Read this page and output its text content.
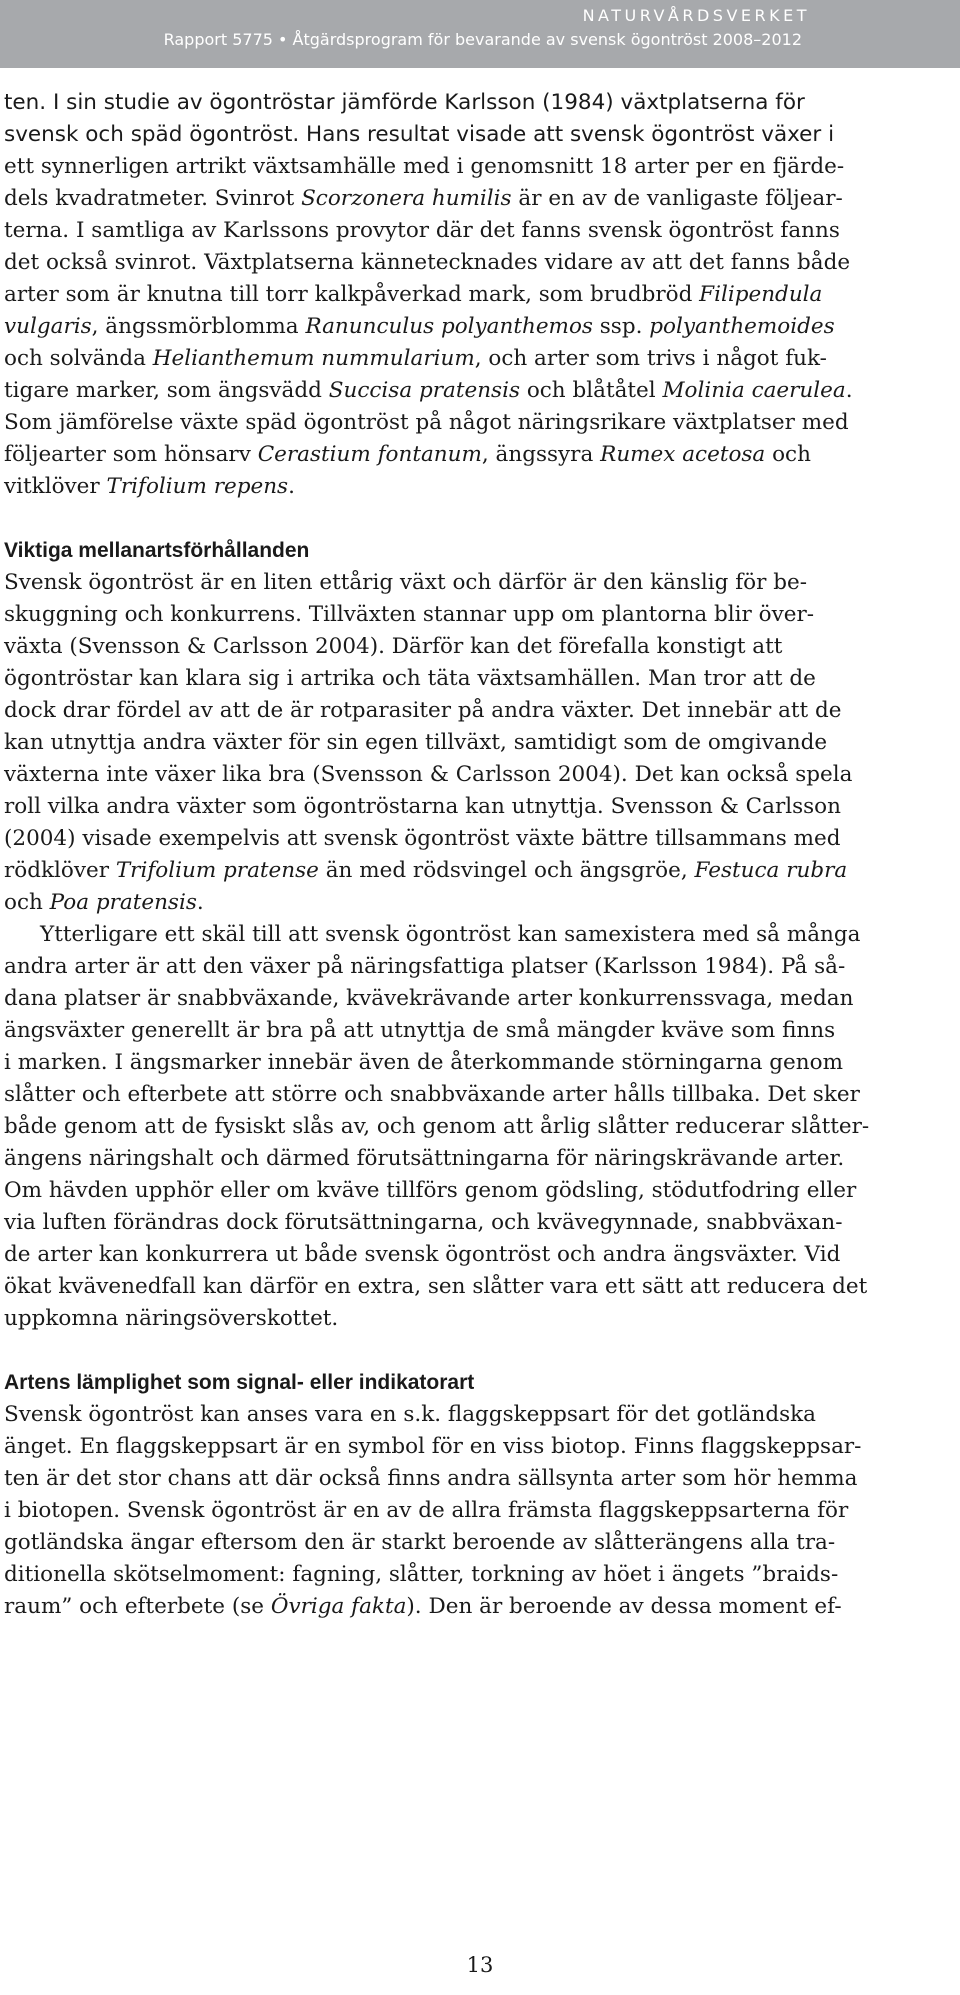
NATURVÅRDSVERKET
Rapport 5775 • Åtgärdsprogram för bevarande av svensk ögontröst 2008–2012
ten. I sin studie av ögontröstar jämförde Karlsson (1984) växtplatserna för
svensk och späd ögontröst. Hans resultat visade att svensk ögontröst växer i
ett synnerligen artrikt växtsamhälle med i genomsnitt 18 arter per en fjärde-
dels kvadratmeter. Svinrot Scorzonera humilis är en av de vanligaste följear-
terna. I samtliga av Karlssons provytor där det fanns svensk ögontröst fanns
det också svinrot. Växtplatserna kännetecknades vidare av att det fanns både
arter som är knutna till torr kalkpåverkad mark, som brudbröd Filipendula
vulgaris, ängssmörblomma Ranunculus polyanthemos ssp. polyanthemoides
och solvända Helianthemum nummularium, och arter som trivs i något fuk-
tigare marker, som ängsvädd Succisa pratensis och blåtåtel Molinia caerulea.
Som jämförelse växte späd ögontröst på något näringsrikare växtplatser med
följearter som hönsarv Cerastium fontanum, ängssyra Rumex acetosa och
vitklöver Trifolium repens.
Viktiga mellanartsförhållanden
Svensk ögontröst är en liten ettårig växt och därför är den känslig för be-
skuggning och konkurrens. Tillväxten stannar upp om plantorna blir över-
växta (Svensson & Carlsson 2004). Därför kan det förefalla konstigt att
ögontröstar kan klara sig i artrika och täta växtsamhällen. Man tror att de
dock drar fördel av att de är rotparasiter på andra växter. Det innebär att de
kan utnyttja andra växter för sin egen tillväxt, samtidigt som de omgivande
växterna inte växer lika bra (Svensson & Carlsson 2004). Det kan också spela
roll vilka andra växter som ögontröstarna kan utnyttja. Svensson & Carlsson
(2004) visade exempelvis att svensk ögontröst växte bättre tillsammans med
rödklöver Trifolium pratense än med rödsvingel och ängsgröe, Festuca rubra
och Poa pratensis.
Ytterligare ett skäl till att svensk ögontröst kan samexistera med så många
andra arter är att den växer på näringsfattiga platser (Karlsson 1984). På så-
dana platser är snabbväxande, kvävekrävande arter konkurrenssvaga, medan
ängsväxter generellt är bra på att utnyttja de små mängder kväve som finns
i marken. I ängsmarker innebär även de återkommande störningarna genom
slåtter och efterbete att större och snabbväxande arter hålls tillbaka. Det sker
både genom att de fysiskt slås av, och genom att årlig slåtter reducerar slåtter-
ängens näringshalt och därmed förutsättningarna för näringskrävande arter.
Om hävden upphör eller om kväve tillförs genom gödsling, stödutfodring eller
via luften förändras dock förutsättningarna, och kvävegynnade, snabbväxan-
de arter kan konkurrera ut både svensk ögontröst och andra ängsväxter. Vid
ökat kvävenedfall kan därför en extra, sen slåtter vara ett sätt att reducera det
uppkomna näringsöverskottet.
Artens lämplighet som signal- eller indikatorart
Svensk ögontröst kan anses vara en s.k. flaggskeppsart för det gotländska
änget. En flaggskeppsart är en symbol för en viss biotop. Finns flaggskeppsar-
ten är det stor chans att där också finns andra sällsynta arter som hör hemma
i biotopen. Svensk ögontröst är en av de allra främsta flaggskeppsarterna för
gotländska ängar eftersom den är starkt beroende av slåtterängens alla tra-
ditionella skötselmoment: fagning, slåtter, torkning av höet i ängets ”braids-
raum” och efterbete (se Övriga fakta). Den är beroende av dessa moment ef-
13
